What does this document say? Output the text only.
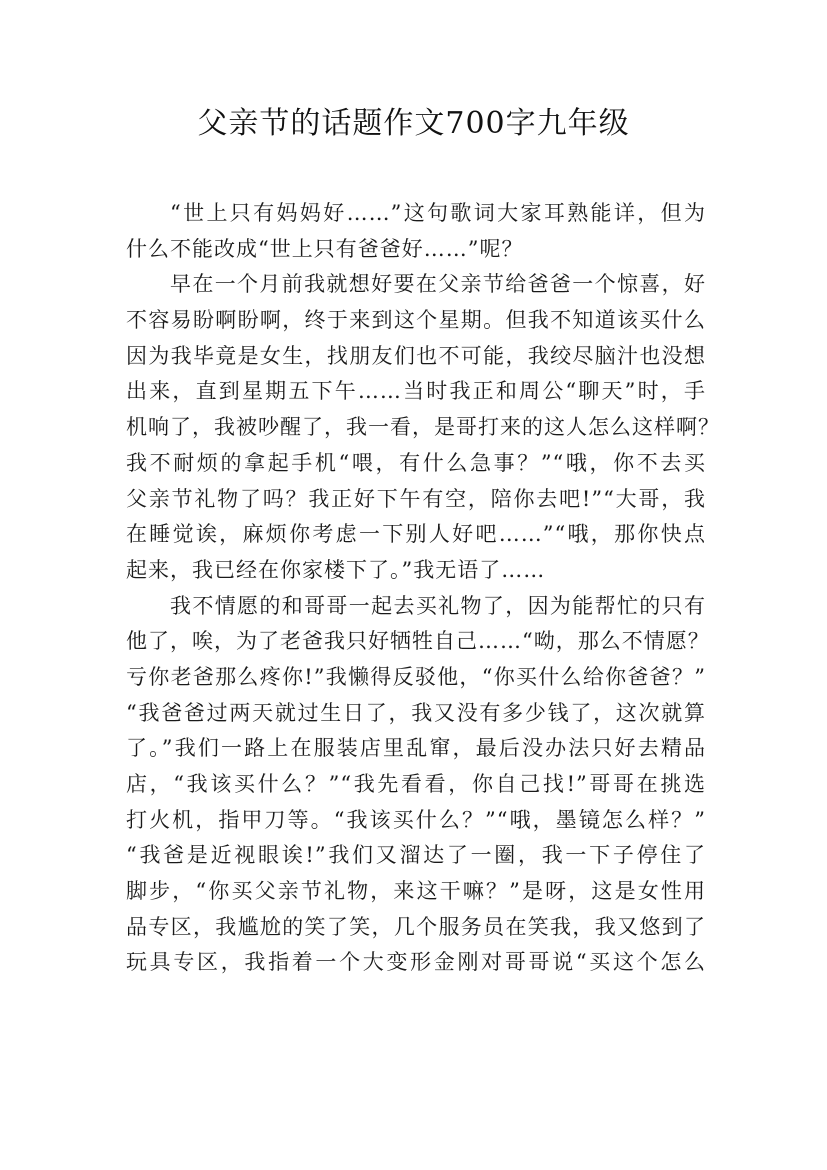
父亲节的话题作文700字九年级
“世上只有妈妈好……”这句歌词大家耳熟能详，但为
什么不能改成“世上只有爸爸好……”呢？
早在一个月前我就想好要在父亲节给爸爸一个惊喜，好
不容易盼啊盼啊，终于来到这个星期。但我不知道该买什么
因为我毕竟是女生，找朋友们也不可能，我绞尽脑汁也没想
出来，直到星期五下午……当时我正和周公“聊天”时，手
机响了，我被吵醒了，我一看，是哥打来的这人怎么这样啊？
我不耐烦的拿起手机“喂，有什么急事？”“哦，你不去买
父亲节礼物了吗？我正好下午有空，陪你去吧!”“大哥，我
在睡觉诶，麻烦你考虑一下别人好吧……”“哦，那你快点
起来，我已经在你家楼下了。”我无语了……
我不情愿的和哥哥一起去买礼物了，因为能帮忙的只有
他了，唉，为了老爸我只好牺牲自己……“呦，那么不情愿？
亏你老爸那么疼你!”我懒得反驳他，“你买什么给你爸爸？”
“我爸爸过两天就过生日了，我又没有多少钱了，这次就算
了。”我们一路上在服装店里乱窜，最后没办法只好去精品
店，“我该买什么？”“我先看看，你自己找!”哥哥在挑选
打火机，指甲刀等。“我该买什么？”“哦，墨镜怎么样？”
“我爸是近视眼诶!”我们又溜达了一圈，我一下子停住了
脚步，“你买父亲节礼物，来这干嘛？”是呀，这是女性用
品专区，我尴尬的笑了笑，几个服务员在笑我，我又悠到了
玩具专区，我指着一个大变形金刚对哥哥说“买这个怎么
